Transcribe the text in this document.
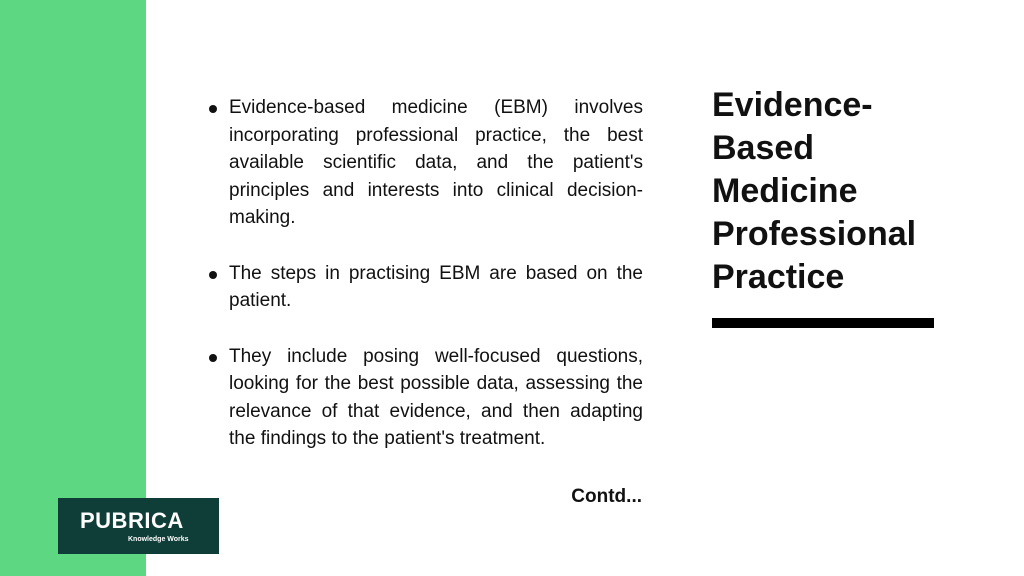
PUBRICA
Knowledge Works
Evidence-based medicine (EBM) involves incorporating professional practice, the best available scientific data, and the patient's principles and interests into clinical decision-making.
The steps in practising EBM are based on the patient.
They include posing well-focused questions, looking for the best possible data, assessing the relevance of that evidence, and then adapting the findings to the patient's treatment.
Contd...
Evidence-
Based
Medicine
Professional
Practice
